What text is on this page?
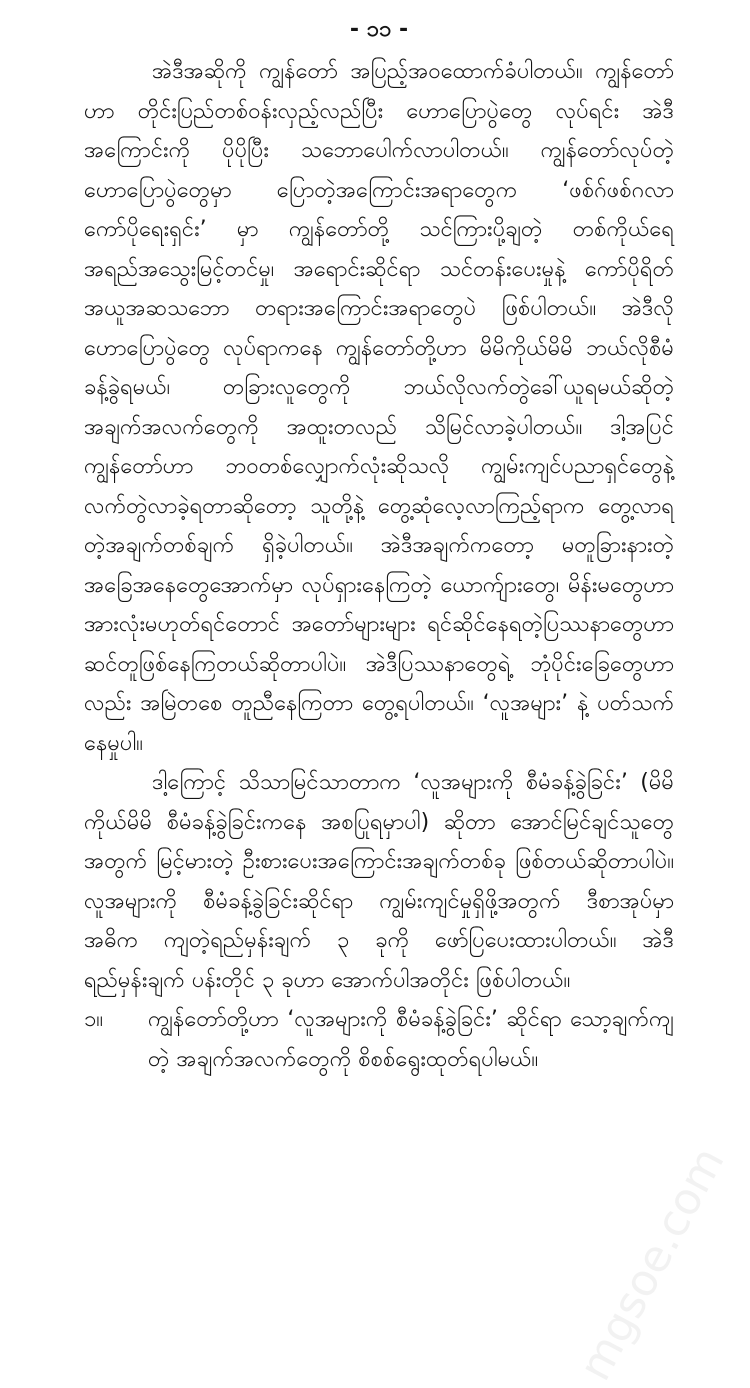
- ၁၁ -

အဲဒီအဆိုကို ကျွန်တော် အပြည့်အဝထောက်ခံပါတယ်။ ကျွန်တော်ဟာ တိုင်းပြည်တစ်ဝန်းလှည့်လည်ပြီး ဟောပြောပွဲတွေ လုပ်ရင်း အဲဒီအကြောင်းကို ပိုပိုပြီး သဘောပေါက်လာပါတယ်။ ကျွန်တော်လုပ်တဲ့ ဟောပြောပွဲတွေမှာ ပြောတဲ့အကြောင်းအရာတွေက ‘ဖစ်ဂ်ဖစ်ဂလာ ကော်ပိုရေးရှင်း’ မှာ ကျွန်တော်တို့ သင်ကြားပို့ချတဲ့ တစ်ကိုယ်ရေ အရည်အသွေးမြင့်တင်မှု၊ အရောင်းဆိုင်ရာ သင်တန်းပေးမှုနဲ့ ကော်ပိုရိတ်အယူအဆသဘော တရားအကြောင်းအရာတွေပဲ ဖြစ်ပါတယ်။ အဲဒီလို ဟောပြောပွဲတွေ လုပ်ရာကနေ ကျွန်တော်တို့ဟာ မိမိကိုယ်မိမိ ဘယ်လိုစီမံခန့်ခွဲရမယ်၊ တခြားလူတွေကို ဘယ်လိုလက်တွဲခေါ်ယူရမယ်ဆိုတဲ့ အချက်အလက်တွေကို အထူးတလည် သိမြင်လာခဲ့ပါတယ်။ ဒါ့အပြင် ကျွန်တော်ဟာ ဘဝတစ်လျှောက်လုံးဆိုသလို ကျွမ်းကျင်ပညာရှင်တွေနဲ့ လက်တွဲလာခဲ့ရတာဆိုတော့ သူတို့နဲ့ တွေ့ဆုံလေ့လာကြည့်ရာက တွေ့လာရတဲ့အချက်တစ်ချက် ရှိခဲ့ပါတယ်။ အဲဒီအချက်ကတော့ မတူခြားနားတဲ့ အခြေအနေတွေအောက်မှာ လုပ်ရှားနေကြတဲ့ ယောက်ျားတွေ၊ မိန်းမတွေဟာ အားလုံးမဟုတ်ရင်တောင် အတော်များများ ရင်ဆိုင်နေရတဲ့ပြဿနာတွေဟာ ဆင်တူဖြစ်နေကြတယ်ဆိုတာပါပဲ။ အဲဒီပြဿနာတွေရဲ့ ဘုံပိုင်းခြေတွေဟာလည်း အမြဲတစေ တူညီနေကြတာ တွေ့ရပါတယ်။ ‘လူအများ’ နဲ့ ပတ်သက်နေမှုပါ။

ဒါ့ကြောင့် သိသာမြင်သာတာက ‘လူအများကို စီမံခန့်ခွဲခြင်း’ (မိမိကိုယ်မိမိ စီမံခန့်ခွဲခြင်းကနေ အစပြုရမှာပါ) ဆိုတာ အောင်မြင်ချင်သူတွေအတွက် မြင့်မားတဲ့ ဦးစားပေးအကြောင်းအချက်တစ်ခု ဖြစ်တယ်ဆိုတာပါပဲ။လူအများကို စီမံခန့်ခွဲခြင်းဆိုင်ရာ ကျွမ်းကျင်မှုရှိဖို့အတွက် ဒီစာအုပ်မှာ အဓိက ကျတဲ့ရည်မှန်းချက် ၃ ခုကို ဖော်ပြပေးထားပါတယ်။ အဲဒီရည်မှန်းချက် ပန်းတိုင် ၃ ခုဟာ အောက်ပါအတိုင်း ဖြစ်ပါတယ်။

၁။	ကျွန်တော်တို့ဟာ ‘လူအများကို စီမံခန့်ခွဲခြင်း’ ဆိုင်ရာ သော့ချက်ကျတဲ့ အချက်အလက်တွေကို စိစစ်ရွေးထုတ်ရပါမယ်။
mgsoe.com
